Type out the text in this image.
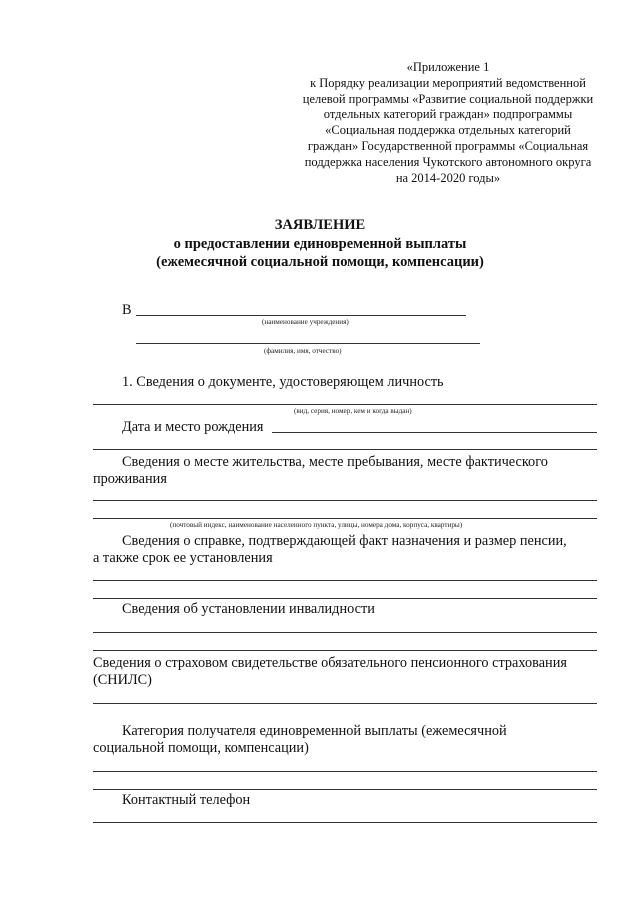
«Приложение 1
к Порядку реализации мероприятий ведомственной
целевой программы «Развитие социальной поддержки
отдельных категорий граждан» подпрограммы
«Социальная поддержка отдельных категорий
граждан» Государственной программы «Социальная
поддержка населения Чукотского автономного округа
на 2014-2020 годы»
ЗАЯВЛЕНИЕ
о предоставлении единовременной выплаты
(ежемесячной социальной помощи, компенсации)
В
(наименование учреждения)
(фамилия, имя, отчество)
1. Сведения о документе, удостоверяющем личность
(вид, серия, номер, кем и когда выдан)
Дата и место рождения
Сведения о месте жительства, месте пребывания, месте фактического
проживания
(почтовый индекс, наименование населенного пункта, улицы, номера дома, корпуса, квартиры)
Сведения о справке, подтверждающей факт назначения и размер пенсии,
а также срок ее установления
Сведения об установлении инвалидности
Сведения о страховом свидетельстве обязательного пенсионного страхования
(СНИЛС)
Категория получателя единовременной выплаты (ежемесячной
социальной помощи, компенсации)
Контактный телефон
